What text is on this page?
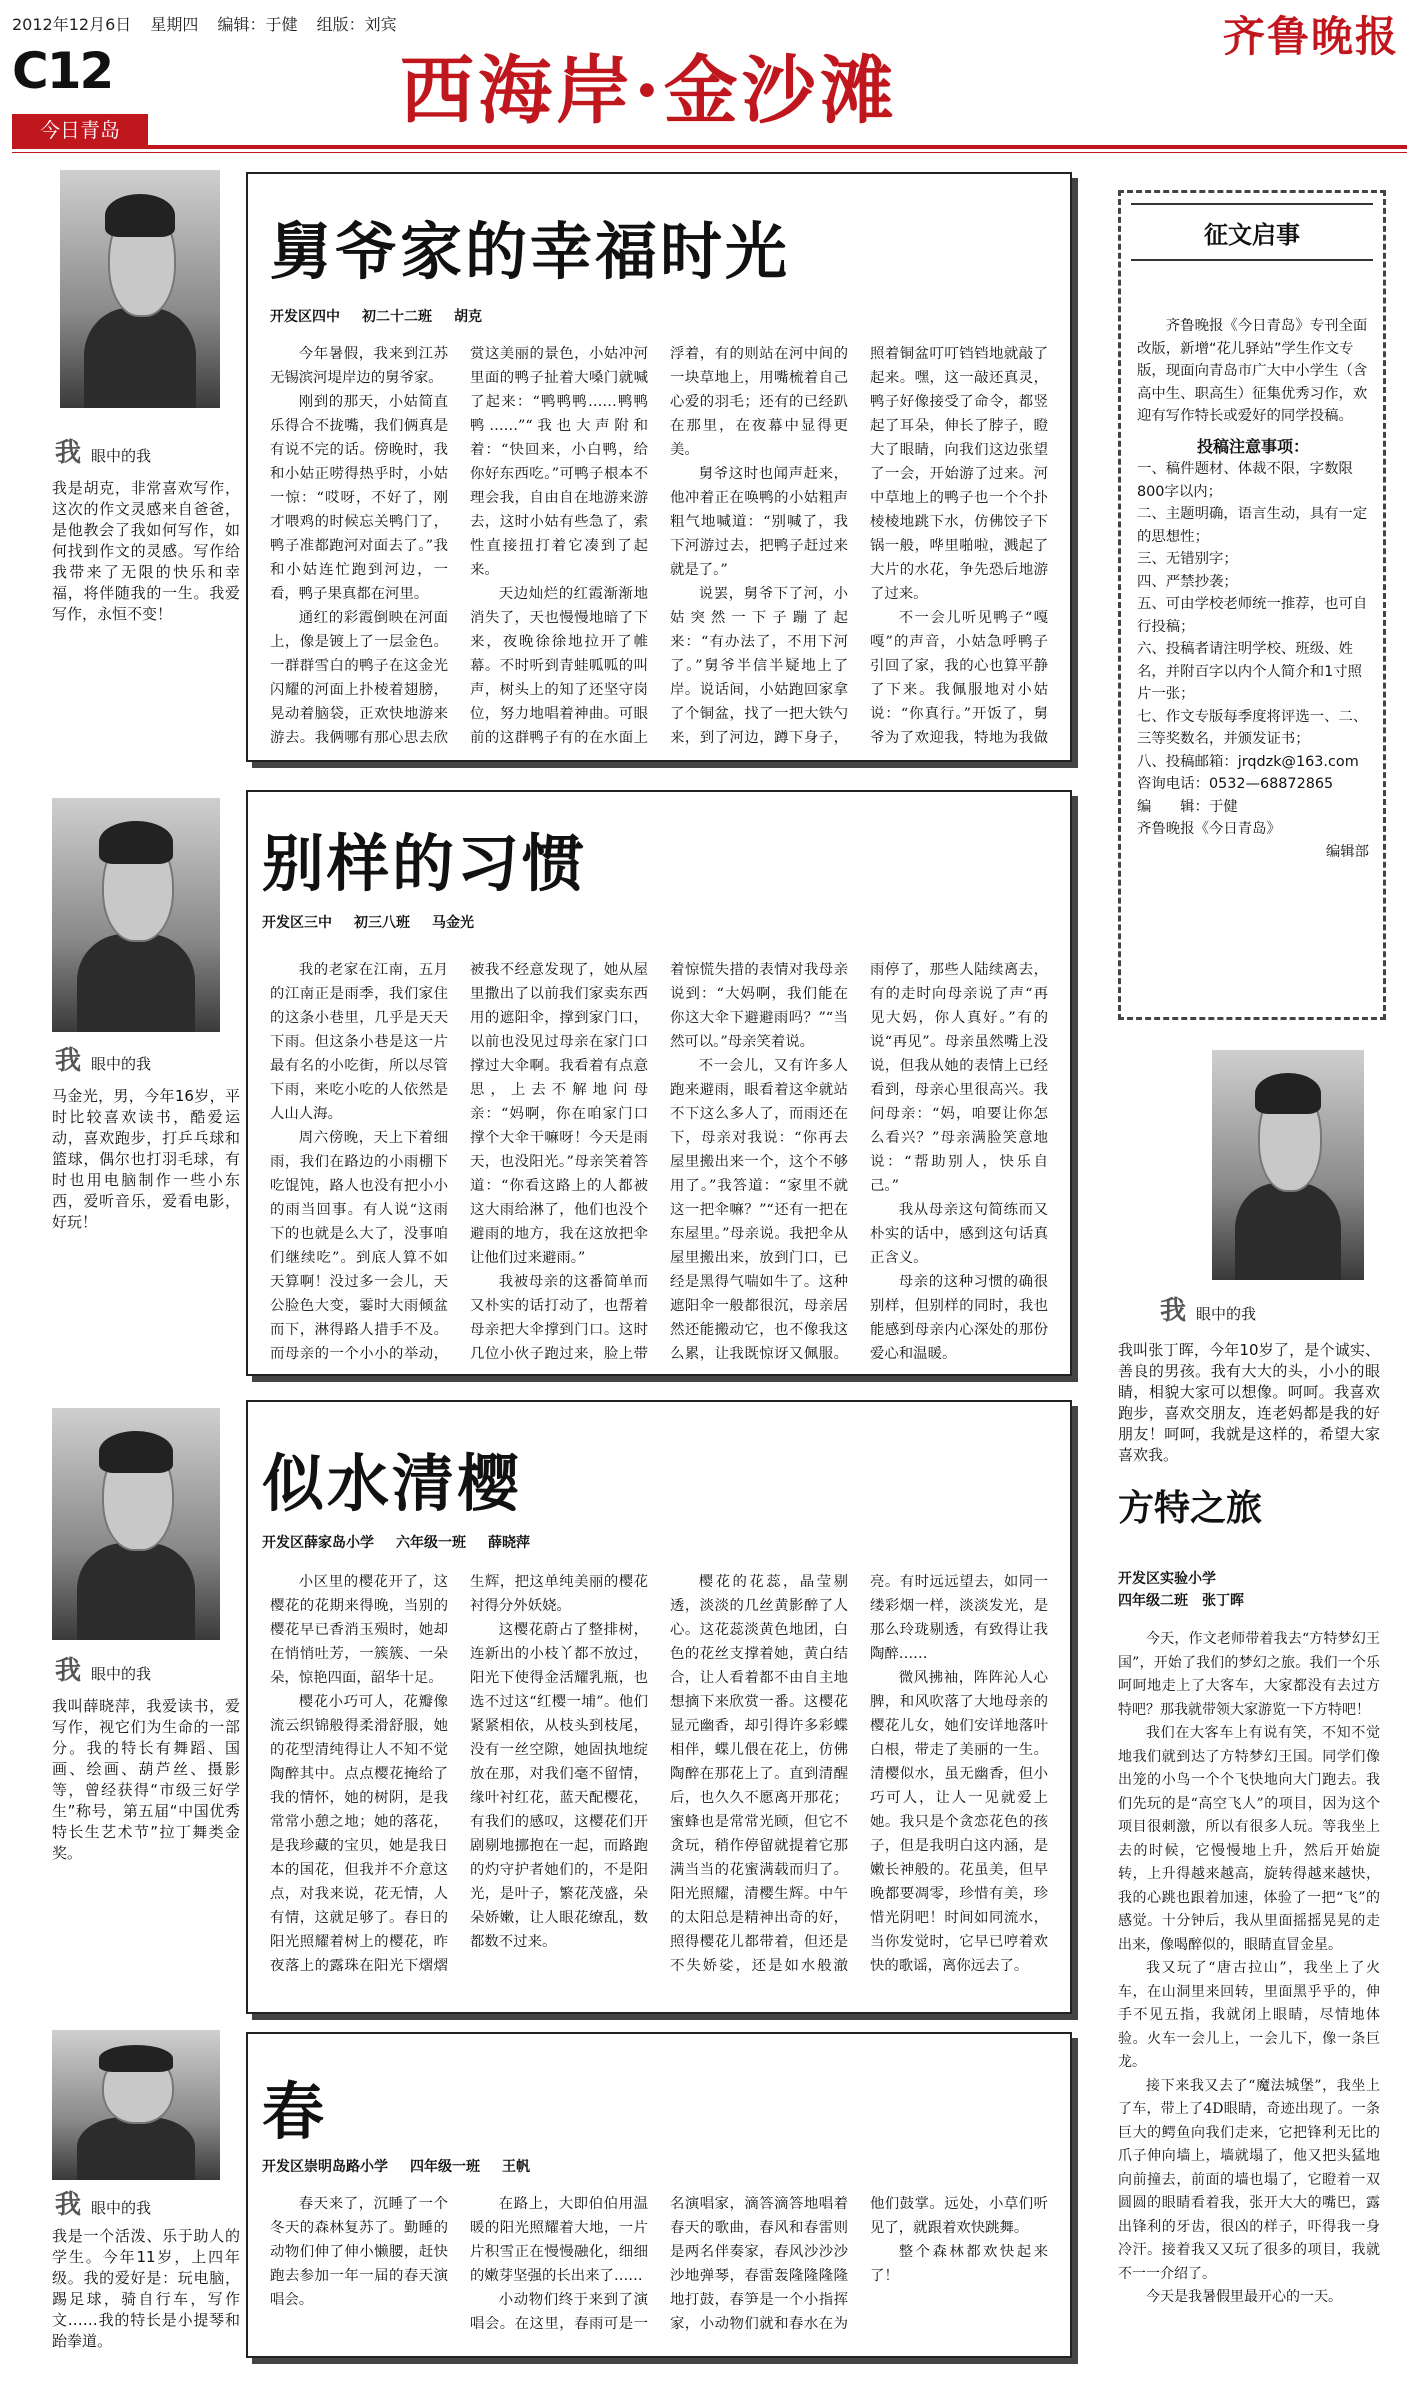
2012年12月6日 星期四 编辑：于健 组版：刘宾	齐鲁晚报
C12	西海岸·金沙滩
今日青岛
我眼中的我
我是胡克，非常喜欢写作，这次的作文灵感来自爸爸，是他教会了我如何写作，如何找到作文的灵感。写作给我带来了无限的快乐和幸福，将伴随我的一生。我爱写作，永恒不变！
舅爷家的幸福时光
开发区四中 初二十二班 胡克

今年暑假，我来到江苏无锡滨河堤岸边的舅爷家。

刚到的那天，小姑简直乐得合不拢嘴，我们俩真是有说不完的话。傍晚时，我和小姑正唠得热乎时，小姑一惊：“哎呀，不好了，刚才喂鸡的时候忘关鸭门了，鸭子准都跑河对面去了。”我和小姑连忙跑到河边，一看，鸭子果真都在河里。

通红的彩霞倒映在河面上，像是镀上了一层金色。一群群雪白的鸭子在这金光闪耀的河面上扑棱着翅膀，晃动着脑袋，正欢快地游来游去。我俩哪有那心思去欣赏这美丽的景色，小姑冲河里面的鸭子扯着大嗓门就喊了起来：“鸭鸭鸭……鸭鸭鸭……”“我也大声附和着：“快回来，小白鸭，给你好东西吃。”可鸭子根本不理会我，自由自在地游来游去，这时小姑有些急了，索性直接扭打着它凑到了起来。

天边灿烂的红霞渐渐地消失了，天也慢慢地暗了下来，夜晚徐徐地拉开了帷幕。不时听到青蛙呱呱的叫声，树头上的知了还坚守岗位，努力地唱着神曲。可眼前的这群鸭子有的在水面上浮着，有的则站在河中间的一块草地上，用嘴梳着自己心爱的羽毛；还有的已经趴在那里，在夜幕中显得更美。

舅爷这时也闻声赶来，他冲着正在唤鸭的小姑粗声粗气地喊道：“别喊了，我下河游过去，把鸭子赶过来就是了。”

说罢，舅爷下了河，小姑突然一下子蹦了起来：“有办法了，不用下河了。”舅爷半信半疑地上了岸。说话间，小姑跑回家拿了个铜盆，找了一把大铁勺来，到了河边，蹲下身子，照着铜盆叮叮铛铛地就敲了起来。嘿，这一敲还真灵，鸭子好像接受了命令，都竖起了耳朵，伸长了脖子，瞪大了眼睛，向我们这边张望了一会，开始游了过来。河中草地上的鸭子也一个个扑棱棱地跳下水，仿佛饺子下锅一般，哗里啪啦，溅起了大片的水花，争先恐后地游了过来。

不一会儿听见鸭子“嘎嘎”的声音，小姑急呼鸭子引回了家，我的心也算平静了下来。我佩服地对小姑说：“你真行。”开饭了，舅爷为了欢迎我，特地为我做

我眼中的我
马金光，男，今年16岁，平时比较喜欢读书，酷爱运动，喜欢跑步，打乒乓球和篮球，偶尔也打羽毛球，有时也用电脑制作一些小东西，爱听音乐，爱看电影，好玩！
别样的习惯
开发区三中 初三八班 马金光

我的老家在江南，五月的江南正是雨季，我们家住的这条小巷里，几乎是天天下雨。但这条小巷是这一片最有名的小吃街，所以尽管下雨，来吃小吃的人依然是人山人海。

周六傍晚，天上下着细雨，我们在路边的小雨棚下吃馄饨，路人也没有把小小的雨当回事。有人说“这雨下的也就是么大了，没事咱们继续吃”。到底人算不如天算啊！没过多一会儿，天公脸色大变，霎时大雨倾盆而下，淋得路人措手不及。而母亲的一个小小的举动，被我不经意发现了，她从屋里撒出了以前我们家卖东西用的遮阳伞，撑到家门口，以前也没见过母亲在家门口撑过大伞啊。我看着有点意思，上去不解地问母亲：“妈啊，你在咱家门口撑个大伞干嘛呀！今天是雨天，也没阳光。”母亲笑着答道：“你看这路上的人都被这大雨给淋了，他们也没个避雨的地方，我在这放把伞让他们过来避雨。”

我被母亲的这番简单而又朴实的话打动了，也帮着母亲把大伞撑到门口。这时几位小伙子跑过来，脸上带着惊慌失措的表情对我母亲说到：“大妈啊，我们能在你这大伞下避避雨吗？”“当然可以。”母亲笑着说。

不一会儿，又有许多人跑来避雨，眼看着这伞就站不下这么多人了，而雨还在下，母亲对我说：“你再去屋里搬出来一个，这个不够用了。”我答道：“家里不就这一把伞嘛？”“还有一把在东屋里。”母亲说。我把伞从屋里搬出来，放到门口，已经是黑得气喘如牛了。这种遮阳伞一般都很沉，母亲居然还能搬动它，也不像我这么累，让我既惊讶又佩服。雨停了，那些人陆续离去，有的走时向母亲说了声“再见大妈，你人真好。”有的说“再见”。母亲虽然嘴上没说，但我从她的表情上已经看到，母亲心里很高兴。我问母亲：“妈，咱要让你怎么看兴？”母亲满脸笑意地说：“帮助别人，快乐自己。”

我从母亲这句简练而又朴实的话中，感到这句话真正含义。

母亲的这种习惯的确很别样，但别样的同时，我也能感到母亲内心深处的那份爱心和温暖。

我眼中的我
我叫薛晓萍，我爱读书，爱写作，视它们为生命的一部分。我的特长有舞蹈、国画、绘画、葫芦丝、摄影等，曾经获得“市级三好学生”称号，第五届“中国优秀特长生艺术节”拉丁舞类金奖。
似水清樱
开发区薛家岛小学 六年级一班 薛晓萍

小区里的樱花开了，这樱花的花期来得晚，当别的樱花早已香消玉殒时，她却在悄悄吐芳，一簇簇、一朵朵，惊艳四面，韶华十足。

樱花小巧可人，花瓣像流云织锦般得柔滑舒服，她的花型清纯得让人不知不觉陶醉其中。点点樱花掩给了我的情怀，她的树阴，是我常常小憩之地；她的落花，是我珍藏的宝贝，她是我日本的国花，但我并不介意这点，对我来说，花无情，人有情，这就足够了。春日的阳光照耀着树上的樱花，昨夜落上的露珠在阳光下熠熠生辉，把这单纯美丽的樱花衬得分外妖娆。

这樱花蔚占了整排树，连新出的小枝丫都不放过，阳光下使得金活耀乳瓶，也选不过这“红樱一埔”。他们紧紧相依，从枝头到枝尾，没有一丝空隙，她固执地绽放在那，对我们毫不留情，缘叶衬红花，蓝天配樱花，有我们的感叹，这樱花们开剧剔地挪抱在一起，而路跑的灼守护者她们的，不是阳光，是叶子，繁花茂盛，朵朵娇嫩，让人眼花缭乱，数都数不过来。

樱花的花蕊，晶莹剔透，淡淡的几丝黄影醉了人心。这花蕊淡黄色地团，白色的花丝支撑着她，黄白结合，让人看着都不由自主地想摘下来欣赏一番。这樱花显元幽香，却引得许多彩蝶相伴，蝶儿偎在花上，仿佛陶醉在那花上了。直到清醒后，也久久不愿离开那花；蜜蜂也是常常光顾，但它不贪玩，稍作停留就提着它那满当当的花蜜满载而归了。阳光照耀，清樱生辉。中午的太阳总是精神出奇的好，照得樱花儿都带着，但还是不失娇娑，还是如水般澈亮。有时远远望去，如同一缕彩烟一样，淡淡发光，是那么玲珑剔透，有致得让我陶醉……

微风拂袖，阵阵沁人心脾，和风吹落了大地母亲的樱花儿女，她们安详地落叶白根，带走了美丽的一生。清樱似水，虽无幽香，但小巧可人，让人一见就爱上她。我只是个贪恋花色的孩子，但是我明白这内涵，是嫩长神般的。花虽美，但早晚都要凋零，珍惜有美，珍惜光阴吧！时间如同流水，当你发觉时，它早已哼着欢快的歌谣，离你远去了。

我眼中的我
我是一个活泼、乐于助人的学生。今年11岁，上四年级。我的爱好是：玩电脑，踢足球，骑自行车，写作文……我的特长是小提琴和跆拳道。
春
开发区崇明岛路小学 四年级一班 王帆

春天来了，沉睡了一个冬天的森林复苏了。勤睡的动物们伸了伸小懒腰，赶快跑去参加一年一届的春天演唱会。

在路上，大即伯伯用温暖的阳光照耀着大地，一片片积雪正在慢慢融化，细细的嫩芽坚强的长出来了……

小动物们终于来到了演唱会。在这里，春雨可是一名演唱家，滴答滴答地唱着春天的歌曲，春风和春雷则是两名伴奏家，春风沙沙沙沙地弹琴，春雷轰隆隆隆隆地打鼓，春笋是一个小指挥家，小动物们就和春水在为他们鼓掌。远处，小草们听见了，就跟着欢快跳舞。

整个森林都欢快起来了！

征文启事

齐鲁晚报《今日青岛》专刊全面改版，新增“花儿驿站”学生作文专版，现面向青岛市广大中小学生（含高中生、职高生）征集优秀习作，欢迎有写作特长或爱好的同学投稿。

投稿注意事项：

一、稿件题材、体裁不限，字数限800字以内；

二、主题明确，语言生动，具有一定的思想性；

三、无错别字；

四、严禁抄袭；

五、可由学校老师统一推荐，也可自行投稿；

六、投稿者请注明学校、班级、姓名，并附百字以内个人简介和1寸照片一张；

七、作文专版每季度将评选一、二、三等奖数名，并颁发证书；

八、投稿邮箱：jrqdzk@163.com

咨询电话：0532—68872865

编　　辑：于健

齐鲁晚报《今日青岛》

编辑部

我眼中的我
我叫张丁晖，今年10岁了，是个诚实、善良的男孩。我有大大的头，小小的眼睛，相貌大家可以想像。呵呵。我喜欢跑步，喜欢交朋友，连老妈都是我的好朋友！呵呵，我就是这样的，希望大家喜欢我。
方特之旅
开发区实验小学
四年级二班　张丁晖

今天，作文老师带着我去“方特梦幻王国”，开始了我们的梦幻之旅。我们一个乐呵呵地走上了大客车，大家都没有去过方特吧？那我就带领大家游览一下方特吧！

我们在大客车上有说有笑，不知不觉地我们就到达了方特梦幻王国。同学们像出笼的小鸟一个个飞快地向大门跑去。我们先玩的是“高空飞人”的项目，因为这个项目很刺激，所以有很多人玩。等我坐上去的时候，它慢慢地上升，然后开始旋转，上升得越来越高，旋转得越来越快，我的心跳也跟着加速，体验了一把“飞”的感觉。十分钟后，我从里面摇摇晃晃的走出来，像喝醉似的，眼睛直冒金星。

我又玩了“唐古拉山”，我坐上了火车，在山洞里来回转，里面黑乎乎的，伸手不见五指，我就闭上眼睛，尽情地体验。火车一会儿上，一会儿下，像一条巨龙。

接下来我又去了“魔法城堡”，我坐上了车，带上了4D眼睛，奇迹出现了。一条巨大的鳄鱼向我们走来，它把锋利无比的爪子伸向墙上，墙就塌了，他又把头猛地向前撞去，前面的墙也塌了，它瞪着一双圆圆的眼睛看着我，张开大大的嘴巴，露出锋利的牙齿，很凶的样子，吓得我一身冷汗。接着我又又玩了很多的项目，我就不一一介绍了。

今天是我暑假里最开心的一天。
